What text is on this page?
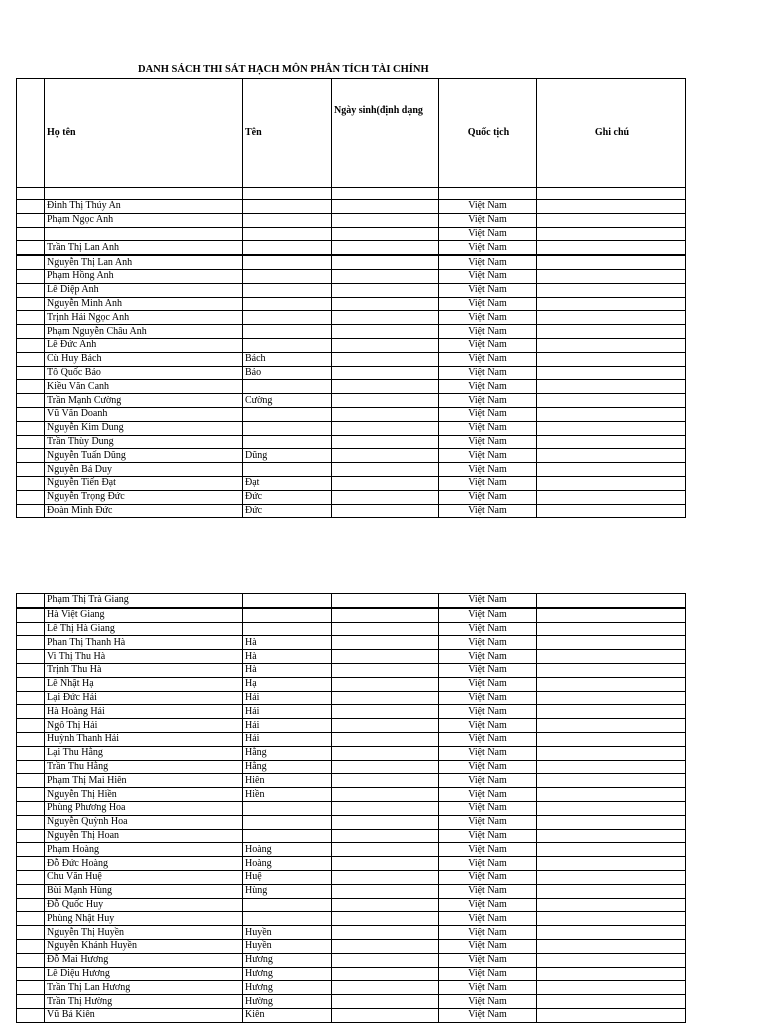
DANH SÁCH THI SÁT HẠCH MÔN PHÂN TÍCH TÀI CHÍNH
	Họ tên	Tên	Ngày sinh(định dạng	Quốc tịch	Ghi chú

	Đinh Thị Thúy An			Việt Nam	
	Phạm Ngọc Anh			Việt Nam	
				Việt Nam	
	Trần Thị Lan Anh			Việt Nam	
	Nguyễn Thị Lan Anh			Việt Nam	
	Phạm Hồng Anh			Việt Nam	
	Lê Diệp Anh			Việt Nam	
	Nguyễn Minh Anh			Việt Nam	
	Trịnh Hải Ngọc Anh			Việt Nam	
	Phạm Nguyễn Châu Anh			Việt Nam	
	Lê Đức Anh			Việt Nam	
	Cù Huy Bách	Bách		Việt Nam	
	Tô Quốc Bảo	Bảo		Việt Nam	
	Kiều Văn Canh			Việt Nam	
	Trần Mạnh Cường	Cường		Việt Nam	
	Vũ Văn Doanh			Việt Nam	
	Nguyễn Kim Dung			Việt Nam	
	Trần Thùy Dung			Việt Nam	
	Nguyễn Tuấn Dũng	Dũng		Việt Nam	
	Nguyễn Bá Duy			Việt Nam	
	Nguyễn Tiến Đạt	Đạt		Việt Nam	
	Nguyễn Trọng Đức	Đức		Việt Nam	
	Đoàn Minh Đức	Đức		Việt Nam	
	Phạm Thị Trà Giang			Việt Nam	
	Hà Việt Giang			Việt Nam	
	Lê Thị Hà Giang			Việt Nam	
	Phan Thị Thanh Hà	Hà		Việt Nam	
	Vi Thị Thu Hà	Hà		Việt Nam	
	Trịnh Thu Hà	Hà		Việt Nam	
	Lê Nhật Hạ	Hạ		Việt Nam	
	Lại Đức Hải	Hải		Việt Nam	
	Hà Hoàng Hải	Hải		Việt Nam	
	Ngô Thị Hải	Hải		Việt Nam	
	Huỳnh Thanh Hải	Hải		Việt Nam	
	Lại Thu Hằng	Hằng		Việt Nam	
	Trần Thu Hằng	Hằng		Việt Nam	
	Phạm Thị Mai Hiên	Hiên		Việt Nam	
	Nguyễn Thị Hiền	Hiền		Việt Nam	
	Phùng Phương Hoa			Việt Nam	
	Nguyễn Quỳnh Hoa			Việt Nam	
	Nguyễn Thị Hoan			Việt Nam	
	Phạm Hoàng	Hoàng		Việt Nam	
	Đỗ Đức Hoàng	Hoàng		Việt Nam	
	Chu Văn Huệ	Huệ		Việt Nam	
	Bùi Mạnh Hùng	Hùng		Việt Nam	
	Đỗ Quốc Huy			Việt Nam	
	Phùng Nhật Huy			Việt Nam	
	Nguyễn Thị Huyền	Huyền		Việt Nam	
	Nguyễn Khánh Huyền	Huyền		Việt Nam	
	Đỗ Mai Hương	Hương		Việt Nam	
	Lê Diệu Hương	Hương		Việt Nam	
	Trần Thị Lan Hương	Hương		Việt Nam	
	Trần Thị Hường	Hường		Việt Nam	
	Vũ Bá Kiên	Kiên		Việt Nam	
